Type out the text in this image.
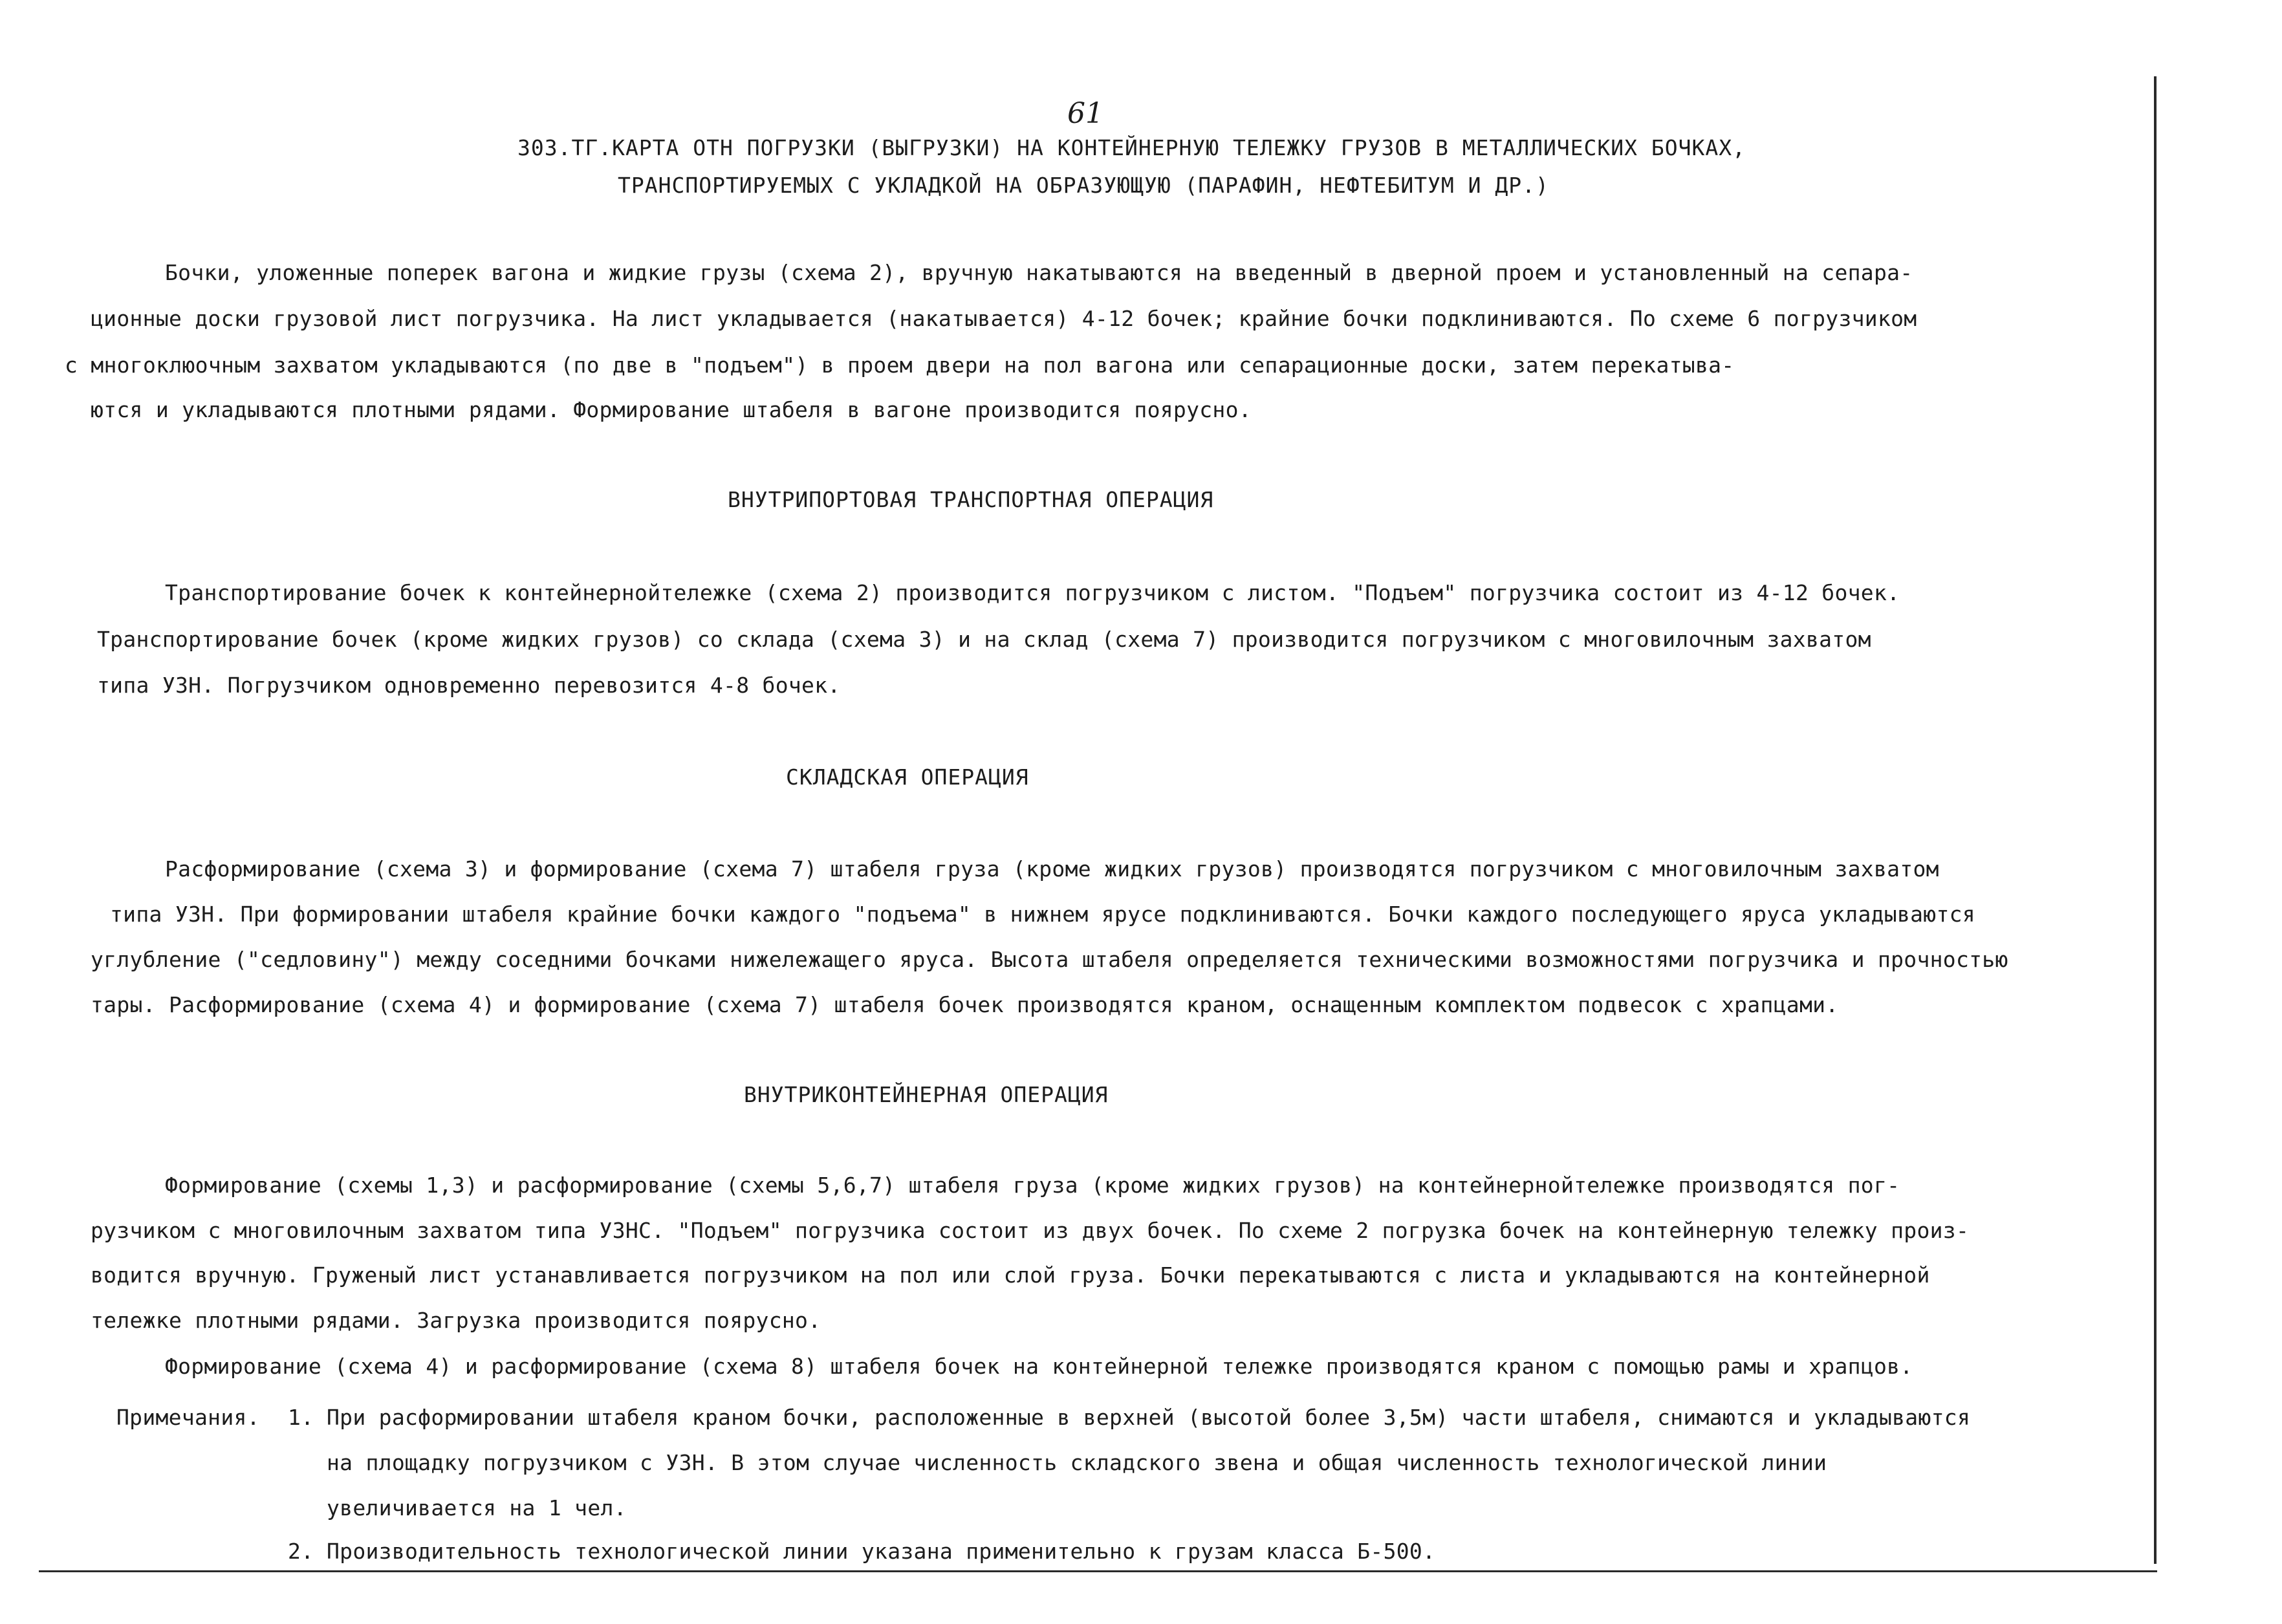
61
303.ТГ.КАРТА ОТН ПОГРУЗКИ (ВЫГРУЗКИ) НА КОНТЕЙНЕРНУЮ ТЕЛЕЖКУ ГРУЗОВ В МЕТАЛЛИЧЕСКИХ БОЧКАХ,
ТРАНСПОРТИРУЕМЫХ С УКЛАДКОЙ НА ОБРАЗУЮЩУЮ (ПАРАФИН, НЕФТЕБИТУМ И ДР.)
Бочки, уложенные поперек вагона и жидкие грузы (схема 2), вручную накатываются на введенный в дверной проем и установленный на сепара-
ционные доски грузовой лист погрузчика. На лист укладывается (накатывается) 4-12 бочек; крайние бочки подклиниваются. По схеме 6 погрузчиком
с многоклюочным захватом укладываются (по две в "подъем") в проем двери на пол вагона или сепарационные доски, затем перекатыва-
ются и укладываются плотными рядами. Формирование штабеля в вагоне производится поярусно.
ВНУТРИПОРТОВАЯ ТРАНСПОРТНАЯ ОПЕРАЦИЯ
Транспортирование бочек к контейнернойтележке (схема 2) производится погрузчиком с листом. "Подъем" погрузчика состоит из 4-12 бочек.
Транспортирование бочек (кроме жидких грузов) со склада (схема 3) и на склад (схема 7) производится погрузчиком с многовилочным захватом
типа УЗН. Погрузчиком одновременно перевозится 4-8 бочек.
СКЛАДСКАЯ ОПЕРАЦИЯ
Расформирование (схема 3) и формирование (схема 7) штабеля груза (кроме жидких грузов) производятся погрузчиком с многовилочным захватом
типа УЗН. При формировании штабеля крайние бочки каждого "подъема" в нижнем ярусе подклиниваются. Бочки каждого последующего яруса укладываются
углубление ("седловину") между соседними бочками нижележащего яруса. Высота штабеля определяется техническими возможностями погрузчика и прочностью
тары. Расформирование (схема 4) и формирование (схема 7) штабеля бочек производятся краном, оснащенным комплектом подвесок с храпцами.
ВНУТРИКОНТЕЙНЕРНАЯ ОПЕРАЦИЯ
Формирование (схемы 1,3) и расформирование (схемы 5,6,7) штабеля груза (кроме жидких грузов) на контейнернойтележке производятся пог-
рузчиком с многовилочным захватом типа УЗНС. "Подъем" погрузчика состоит из двух бочек. По схеме 2 погрузка бочек на контейнерную тележку произ-
водится вручную. Груженый лист устанавливается погрузчиком на пол или слой груза. Бочки перекатываются с листа и укладываются на контейнерной
тележке плотными рядами. Загрузка производится поярусно.
Формирование (схема 4) и расформирование (схема 8) штабеля бочек на контейнерной тележке производятся краном с помощью рамы и храпцов.
Примечания. 1. При расформировании штабеля краном бочки, расположенные в верхней (высотой более 3,5м) части штабеля, снимаются и укладываются
на площадку погрузчиком с УЗН. В этом случае численность складского звена и общая численность технологической линии
увеличивается на 1 чел.
2. Производительность технологической линии указана применительно к грузам класса Б-500.
